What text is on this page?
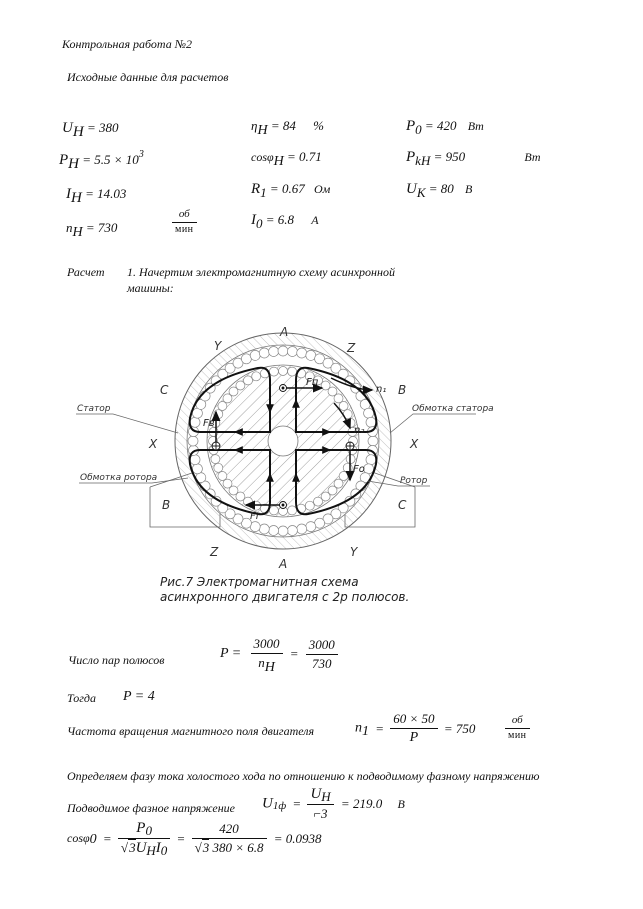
Контрольная работа №2
Исходные данные для расчетов
UH = 380
PH = $5.5 \times 10^3$
IH = 14.03
nH = 730	$\frac{об}{\text{мин}}$
ηH = 84 %
cosφH = 0.71
R1 = 0.67 Ом
I0 = 6.8 А
P0 = 420 Вт
PkH = 950	Вт
UK = 80 В
Расчет 1. Начертим электромагнитную схему асинхронной
машины:
A
Y	Z
C	B
X	X
B	C
Z	Y
A
Статор	Обмотка статора
Обмотка ротора	Ротор
Fп
Fв
Fо
Fг
n₁
n₂
Рис.7 Электромагнитная схема
асинхронного двигателя с 2р полюсов.
Число пар полюсов	$P = \frac{3000}{nH} = \frac{3000}{730}$
Тогда P = 4
Частота вращения магнитного поля двигателя	$n1 = \frac{60 \times 50}{P} = 750$	$\frac{об}{\text{мин}}$
Определяем фазу тока холостого хода по отношению к подводимому фазному напряжению
Подводимое фазное напряжение $U1ф = \frac{UH}{⌐3} = 219.0$ В
$\cos\varphi 0 = \frac{P0}{\text{√3UHI0}} = \frac{420}{√3 380 \times 6.8} = 0.0938$
